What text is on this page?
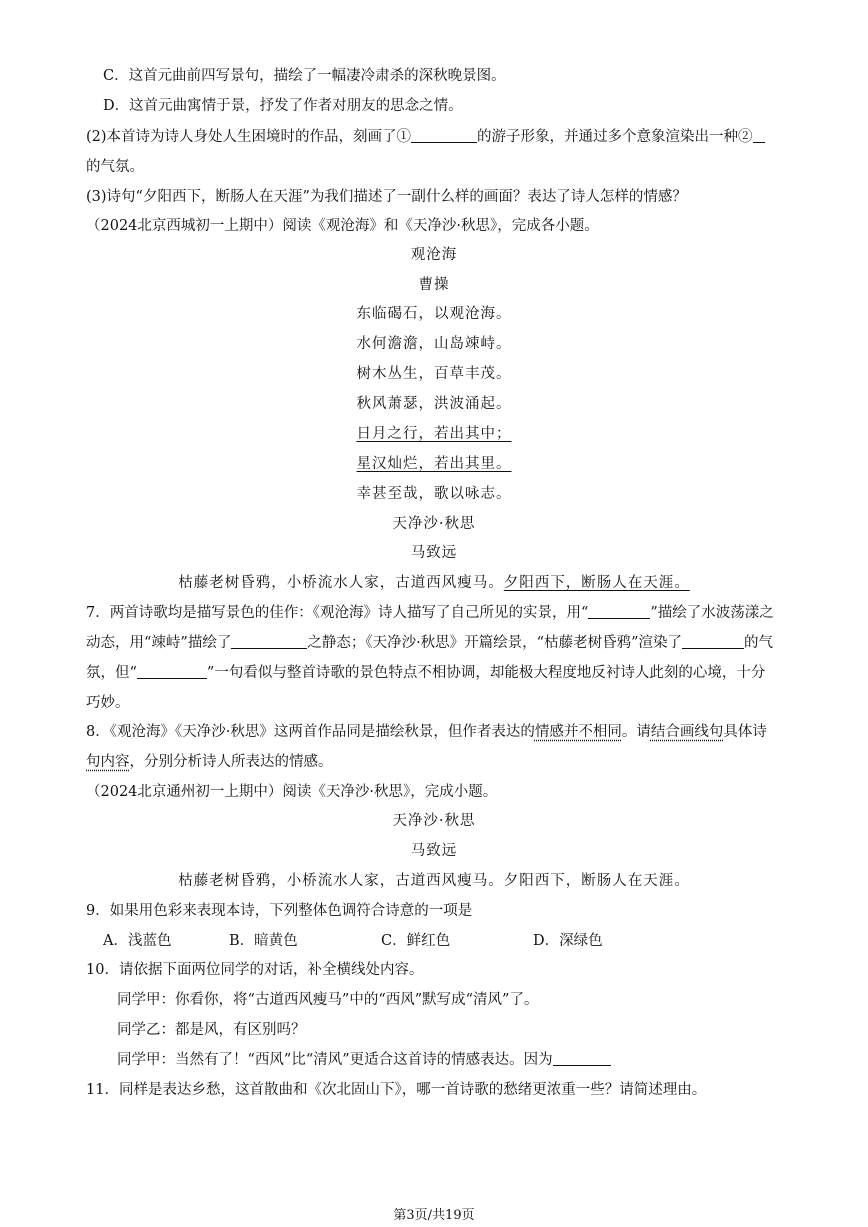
C．这首元曲前四写景句，描绘了一幅凄冷肃杀的深秋晚景图。
D．这首元曲寓情于景，抒发了作者对朋友的思念之情。
(2)本首诗为诗人身处人生困境时的作品，刻画了①	的游子形象，并通过多个意象渲染出一种②
的气氛。
(3)诗句“夕阳西下，断肠人在天涯”为我们描述了一副什么样的画面？表达了诗人怎样的情感？
（2024北京西城初一上期中）阅读《观沧海》和《天净沙·秋思》，完成各小题。
观沧海
曹操
东临碣石，以观沧海。
水何澹澹，山岛竦峙。
树木丛生，百草丰茂。
秋风萧瑟，洪波涌起。
日月之行，若出其中；
星汉灿烂，若出其里。
幸甚至哉，歌以咏志。
天净沙·秋思
马致远
枯藤老树昏鸦，小桥流水人家，古道西风瘦马。夕阳西下，断肠人在天涯。
7．两首诗歌均是描写景色的佳作：《观沧海》诗人描写了自己所见的实景，用“	”描绘了水波荡漾之
动态，用“竦峙”描绘了	之静态；《天净沙·秋思》开篇绘景，“枯藤老树昏鸦”渲染了	的气
氛，但“	”一句看似与整首诗歌的景色特点不相协调，却能极大程度地反衬诗人此刻的心境，十分
巧妙。
8．《观沧海》《天净沙·秋思》这两首作品同是描绘秋景，但作者表达的情感并不相同。请结合画线句具体诗
句内容，分别分析诗人所表达的情感。
（2024北京通州初一上期中）阅读《天净沙·秋思》，完成小题。
天净沙·秋思
马致远
枯藤老树昏鸦，小桥流水人家，古道西风瘦马。夕阳西下，断肠人在天涯。
9．如果用色彩来表现本诗，下列整体色调符合诗意的一项是
A．浅蓝色	B．暗黄色	C．鲜红色	D．深绿色
10．请依据下面两位同学的对话，补全横线处内容。
同学甲：你看你，将“古道西风瘦马”中的“西风”默写成“清风”了。
同学乙：都是风，有区别吗？
同学甲：当然有了！“西风”比“清风”更适合这首诗的情感表达。因为
11．同样是表达乡愁，这首散曲和《次北固山下》，哪一首诗歌的愁绪更浓重一些？请简述理由。
第3页/共19页
